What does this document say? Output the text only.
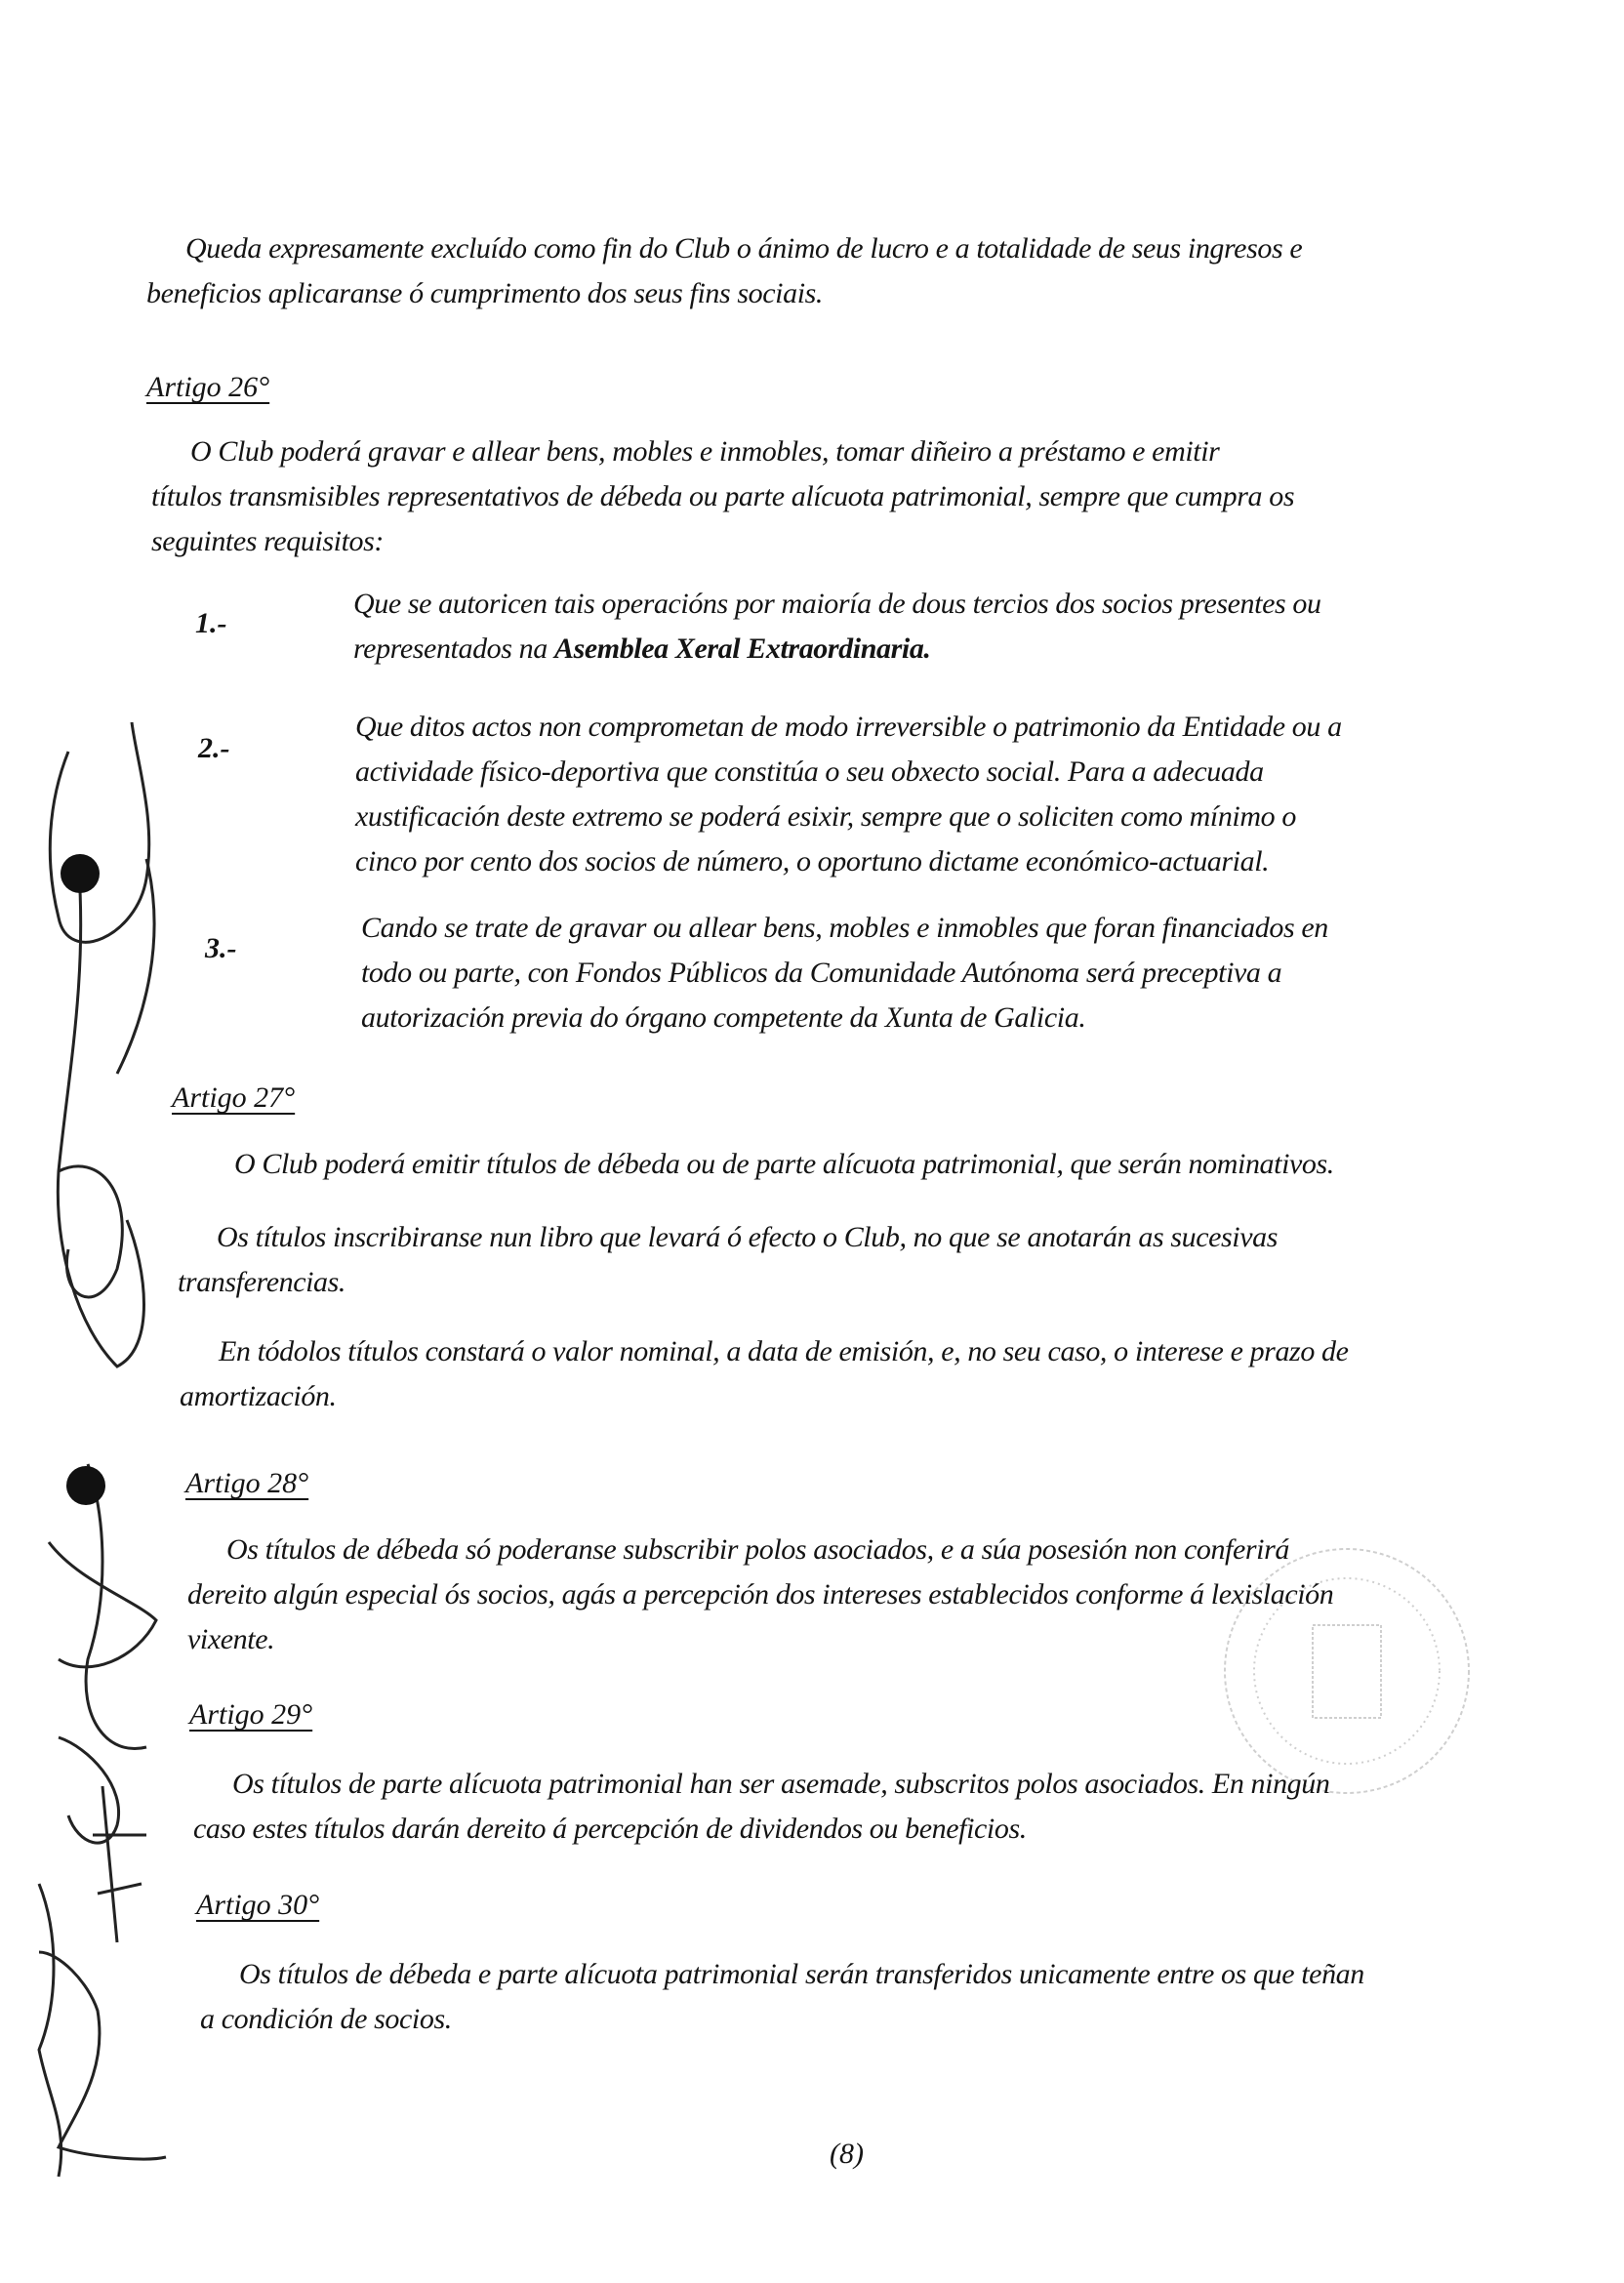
Queda expresamente excluído como fin do Club o ánimo de lucro e a totalidade de seus ingresos e
beneficios aplicaranse ó cumprimento dos seus fins sociais.
Artigo 26°
O Club poderá gravar e allear bens, mobles e inmobles, tomar diñeiro a préstamo e emitir
títulos transmisibles representativos de débeda ou parte alícuota patrimonial, sempre que cumpra os
seguintes requisitos:
1.-
Que se autoricen tais operacións por maioría de dous tercios dos socios presentes ou
representados na Asemblea Xeral Extraordinaria.
2.-
Que ditos actos non comprometan de modo irreversible o patrimonio da Entidade ou a
actividade físico-deportiva que constitúa o seu obxecto social. Para a adecuada
xustificación deste extremo se poderá esixir, sempre que o soliciten como mínimo o
cinco por cento dos socios de número, o oportuno dictame económico-actuarial.
3.-
Cando se trate de gravar ou allear bens, mobles e inmobles que foran financiados en
todo ou parte, con Fondos Públicos da Comunidade Autónoma será preceptiva a
autorización previa do órgano competente da Xunta de Galicia.
Artigo 27°
O Club poderá emitir títulos de débeda ou de parte alícuota patrimonial, que serán nominativos.
Os títulos inscribiranse nun libro que levará ó efecto o Club, no que se anotarán as sucesivas
transferencias.
En tódolos títulos constará o valor nominal, a data de emisión, e, no seu caso, o interese e prazo de
amortización.
Artigo 28°
Os títulos de débeda só poderanse subscribir polos asociados, e a súa posesión non conferirá
dereito algún especial ós socios, agás a percepción dos intereses establecidos conforme á lexislación
vixente.
Artigo 29°
Os títulos de parte alícuota patrimonial han ser asemade, subscritos polos asociados. En ningún
caso estes títulos darán dereito á percepción de dividendos ou beneficios.
Artigo 30°
Os títulos de débeda e parte alícuota patrimonial serán transferidos unicamente entre os que teñan
a condición de socios.
(8)
